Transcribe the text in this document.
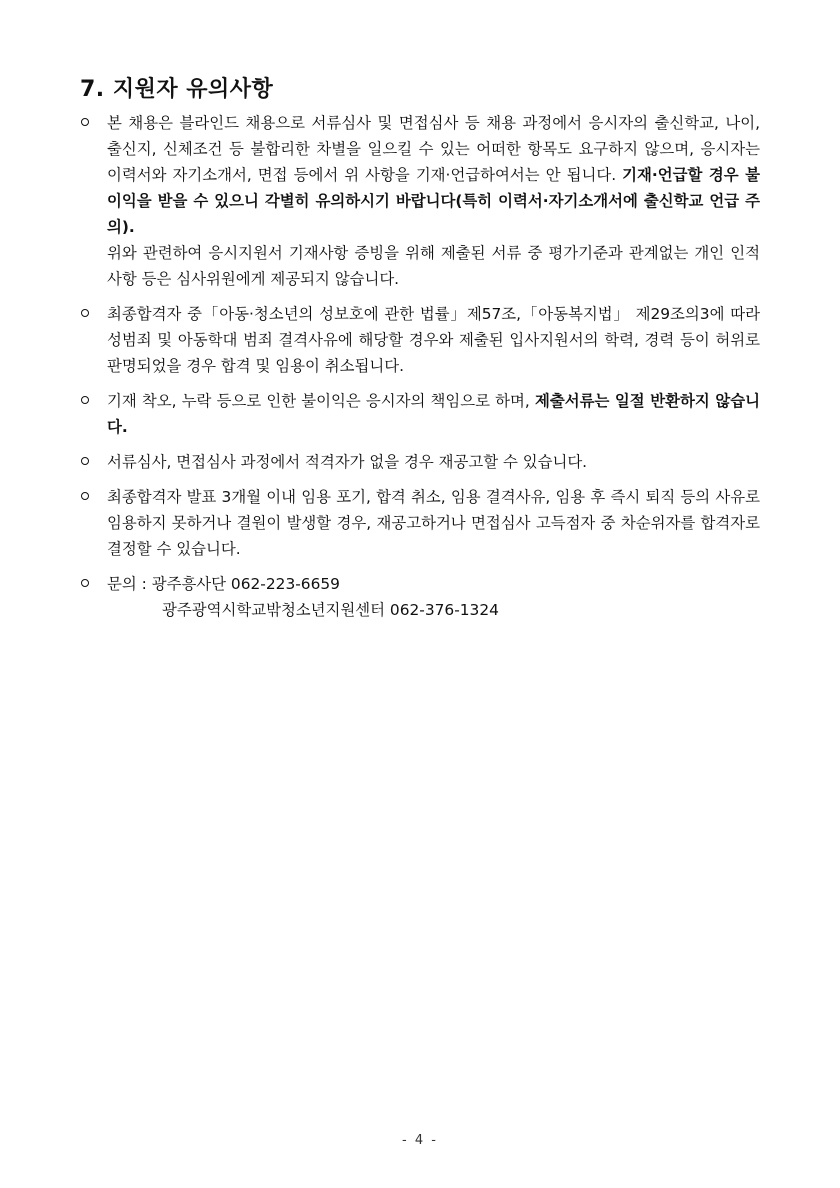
7. 지원자 유의사항
본 채용은 블라인드 채용으로 서류심사 및 면접심사 등 채용 과정에서 응시자의 출신학교, 나이, 출신지, 신체조건 등 불합리한 차별을 일으킬 수 있는 어떠한 항목도 요구하지 않으며, 응시자는 이력서와 자기소개서, 면접 등에서 위 사항을 기재·언급하여서는 안 됩니다. 기재·언급할 경우 불이익을 받을 수 있으니 각별히 유의하시기 바랍니다(특히 이력서·자기소개서에 출신학교 언급 주의).
위와 관련하여 응시지원서 기재사항 증빙을 위해 제출된 서류 중 평가기준과 관계없는 개인 인적사항 등은 심사위원에게 제공되지 않습니다.
최종합격자 중「아동·청소년의 성보호에 관한 법률」제57조,「아동복지법」 제29조의3에 따라 성범죄 및 아동학대 범죄 결격사유에 해당할 경우와 제출된 입사지원서의 학력, 경력 등이 허위로 판명되었을 경우 합격 및 임용이 취소됩니다.
기재 착오, 누락 등으로 인한 불이익은 응시자의 책임으로 하며, 제출서류는 일절 반환하지 않습니다.
서류심사, 면접심사 과정에서 적격자가 없을 경우 재공고할 수 있습니다.
최종합격자 발표 3개월 이내 임용 포기, 합격 취소, 임용 결격사유, 임용 후 즉시 퇴직 등의 사유로 임용하지 못하거나 결원이 발생할 경우, 재공고하거나 면접심사 고득점자 중 차순위자를 합격자로 결정할 수 있습니다.
문의 : 광주흥사단 062-223-6659
광주광역시학교밖청소년지원센터 062-376-1324
- 4 -
